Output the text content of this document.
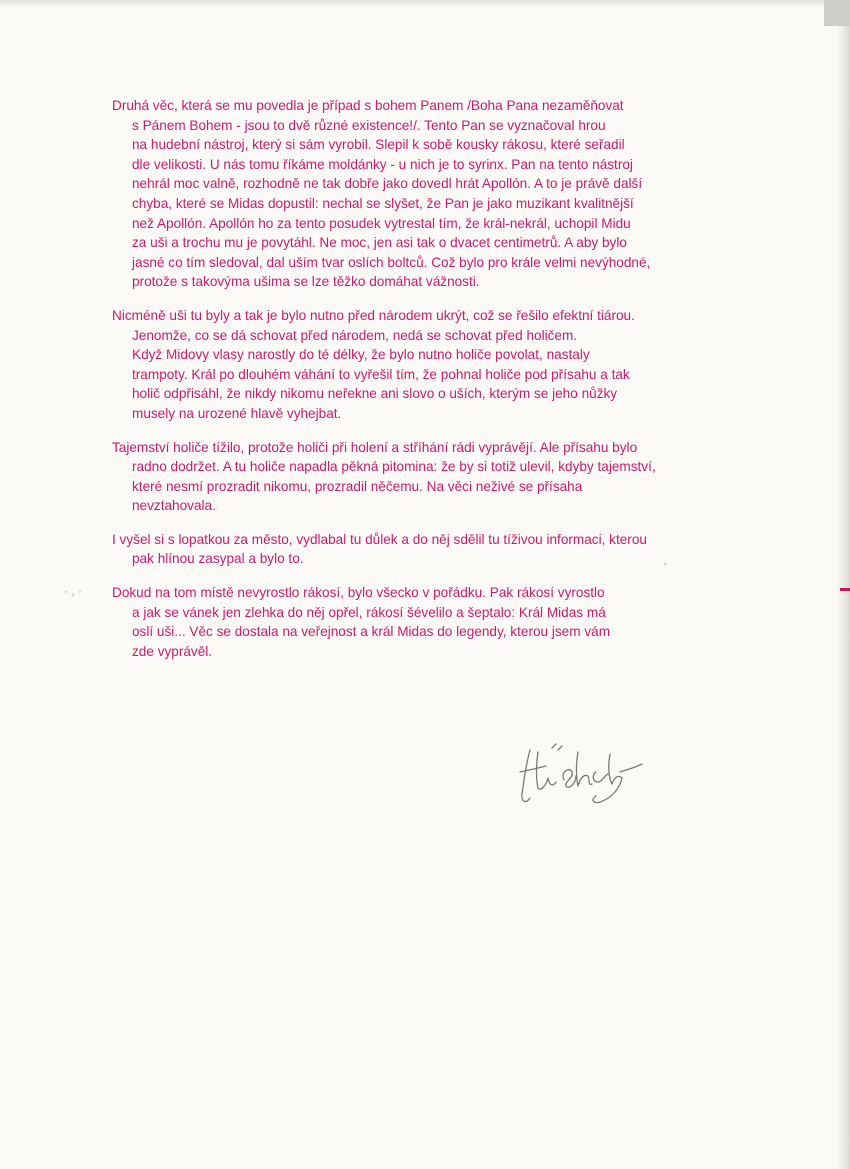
· , ·
'
Druhá věc, která se mu povedla je případ s bohem Panem /Boha Pana nezaměňovat
s Pánem Bohem - jsou to dvě různé existence!/. Tento Pan se vyznačoval hrou
na hudební nástroj, který si sám vyrobil. Slepil k sobě kousky rákosu, které seřadil
dle velikosti. U nás tomu říkáme moldánky - u nich je to syrinx. Pan na tento nástroj
nehrál moc valně, rozhodně ne tak dobře jako dovedl hrát Apollón. A to je právě další
chyba, které se Midas dopustil: nechal se slyšet, že Pan je jako muzikant kvalitnější
než Apollón. Apollón ho za tento posudek vytrestal tím, že král-nekrál, uchopil Midu
za uši a trochu mu je povytáhl. Ne moc, jen asi tak o dvacet centimetrů. A aby bylo
jasné co tím sledoval, dal uším tvar oslích boltců. Což bylo pro krále velmi nevýhodné,
protože s takovýma ušima se lze těžko domáhat vážnosti.
Nicméně uši tu byly a tak je bylo nutno před národem ukrýt, což se řešilo efektní tiárou.
Jenomže, co se dá schovat před národem, nedá se schovat před holičem.
Když Midovy vlasy narostly do té délky, že bylo nutno holiče povolat, nastaly
trampoty. Král po dlouhém váhání to vyřešil tím, že pohnal holiče pod přísahu a tak
holič odpřisáhl, že nikdy nikomu neřekne ani slovo o uších, kterým se jeho nůžky
musely na urozené hlavě vyhejbat.
Tajemství holiče tížilo, protože holiči při holení a stříhání rádi vyprávějí. Ale přísahu bylo
radno dodržet. A tu holiče napadla pěkná pitomina: že by si totiž ulevil, kdyby tajemství,
které nesmí prozradit nikomu, prozradil něčemu. Na věci neživé se přísaha
nevztahovala.
I vyšel si s lopatkou za město, vydlabal tu důlek a do něj sdělil tu tíživou informaci, kterou
pak hlínou zasypal a bylo to.
Dokud na tom místě nevyrostlo rákosí, bylo všecko v pořádku. Pak rákosí vyrostlo
a jak se vánek jen zlehka do něj opřel, rákosí šévelilo a šeptalo: Král Midas má
oslí uši... Věc se dostala na veřejnost a král Midas do legendy, kterou jsem vám
zde vyprávěl.
